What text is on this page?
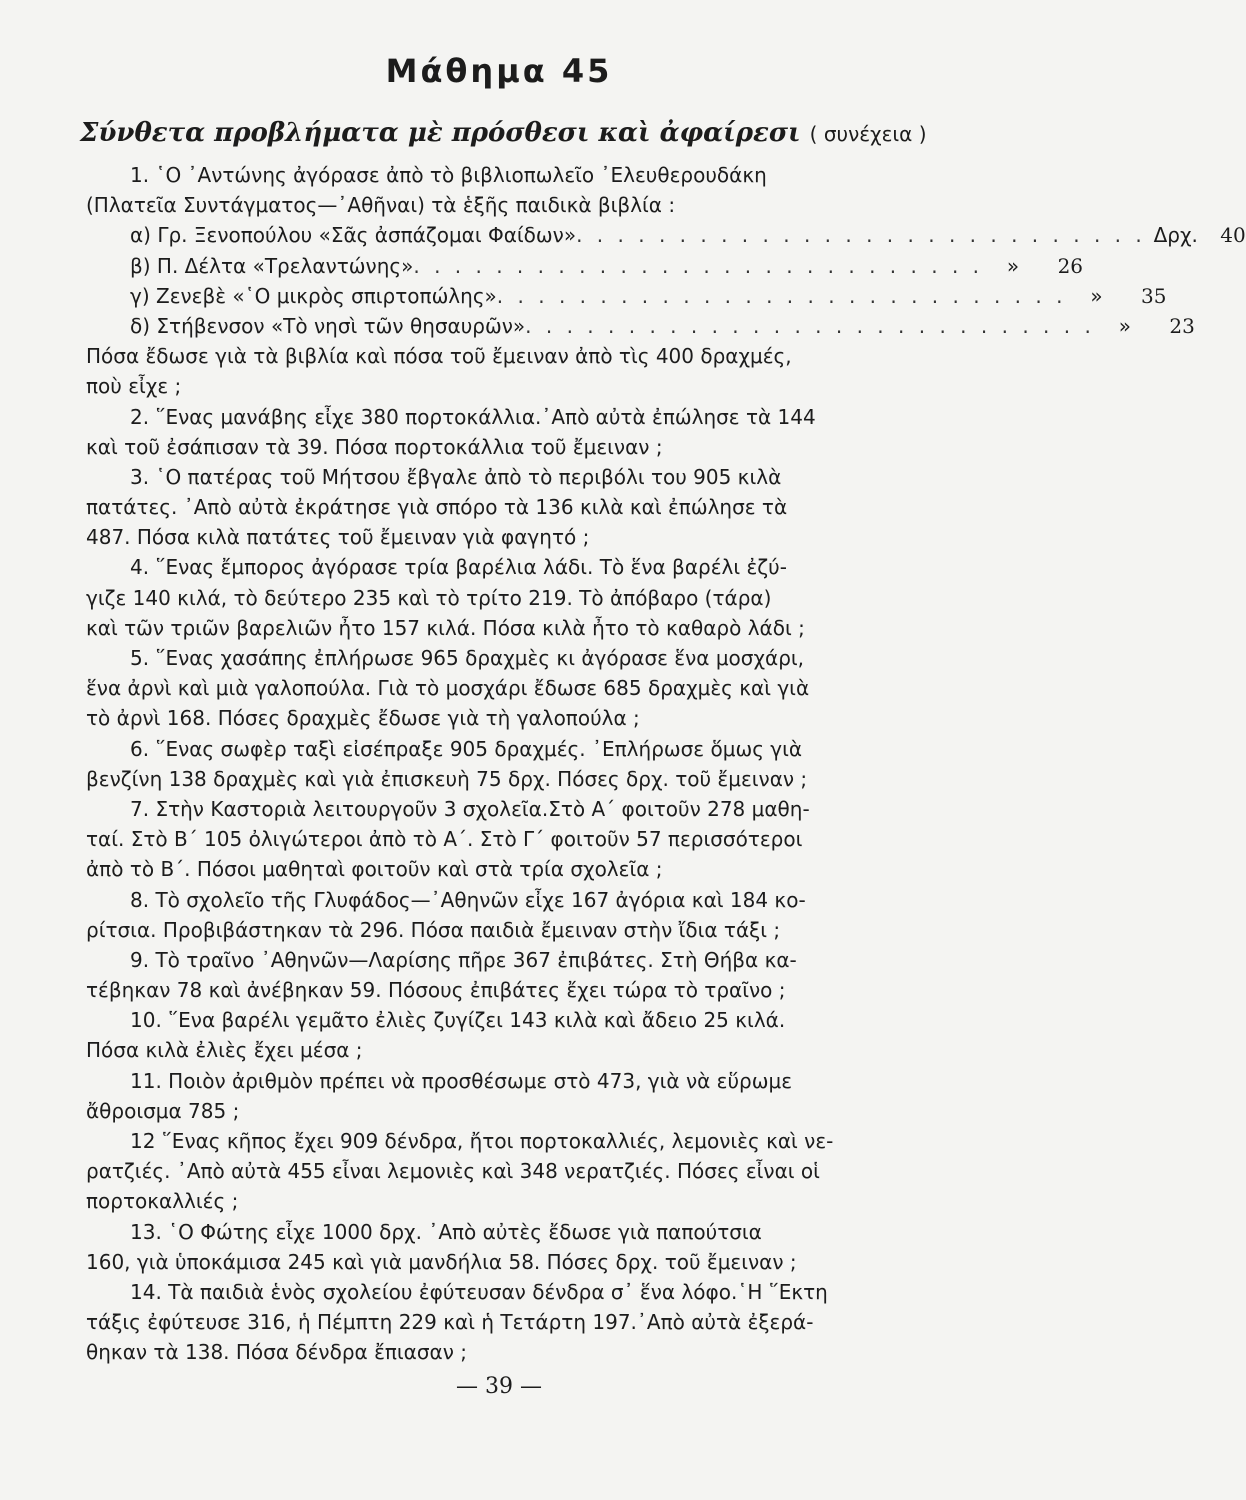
Μάθημα 45
Σύνθετα προβλήματα μὲ πρόσθεσι καὶ ἀφαίρεσι ( συνέχεια )
1. ῾Ο ᾿Αντώνης ἀγόρασε ἀπὸ τὸ βιβλιοπωλεῖο ᾿Ελευθερουδάκη
(Πλατεῖα Συντάγματος—᾿Αθῆναι) τὰ ἑξῆς παιδικὰ βιβλία :
α) Γρ. Ξενοπούλου «Σᾶς ἀσπάζομαι Φαίδων» . . . . . . . . . . . . . . . . . . . . . . . . . . . . Δρχ.	40
β) Π. Δέλτα «Τρελαντώνης» . . . . . . . . . . . . . . . . . . . . . . . . . . . .	»	26
γ) Ζενεβὲ «῾Ο μικρὸς σπιρτοπώλης» . . . . . . . . . . . . . . . . . . . . . . . . . . . .	»	35
δ) Στήβενσον «Τὸ νησὶ τῶν θησαυρῶν» . . . . . . . . . . . . . . . . . . . . . . . . . . . .	»	23
Πόσα ἔδωσε γιὰ τὰ βιβλία καὶ πόσα τοῦ ἔμειναν ἀπὸ τὶς 400 δραχμές,
ποὺ εἶχε ;
2. ῞Ενας μανάβης εἶχε 380 πορτοκάλλια.᾿Απὸ αὐτὰ ἐπώλησε τὰ 144
καὶ τοῦ ἐσάπισαν τὰ 39. Πόσα πορτοκάλλια τοῦ ἔμειναν ;
3. ῾Ο πατέρας τοῦ Μήτσου ἔβγαλε ἀπὸ τὸ περιβόλι του 905 κιλὰ
πατάτες. ᾿Απὸ αὐτὰ ἐκράτησε γιὰ σπόρο τὰ 136 κιλὰ καὶ ἐπώλησε τὰ
487. Πόσα κιλὰ πατάτες τοῦ ἔμειναν γιὰ φαγητό ;
4. ῞Ενας ἔμπορος ἀγόρασε τρία βαρέλια λάδι. Τὸ ἕνα βαρέλι ἐζύ-
γιζε 140 κιλά, τὸ δεύτερο 235 καὶ τὸ τρίτο 219. Τὸ ἀπόβαρο (τάρα)
καὶ τῶν τριῶν βαρελιῶν ἦτο 157 κιλά. Πόσα κιλὰ ἦτο τὸ καθαρὸ λάδι ;
5. ῞Ενας χασάπης ἐπλήρωσε 965 δραχμὲς κι ἀγόρασε ἕνα μοσχάρι,
ἕνα ἀρνὶ καὶ μιὰ γαλοπούλα. Γιὰ τὸ μοσχάρι ἔδωσε 685 δραχμὲς καὶ γιὰ
τὸ ἀρνὶ 168. Πόσες δραχμὲς ἔδωσε γιὰ τὴ γαλοπούλα ;
6. ῞Ενας σωφὲρ ταξὶ εἰσέπραξε 905 δραχμές. ᾿Επλήρωσε ὅμως γιὰ
βενζίνη 138 δραχμὲς καὶ γιὰ ἐπισκευὴ 75 δρχ. Πόσες δρχ. τοῦ ἔμειναν ;
7. Στὴν Καστοριὰ λειτουργοῦν 3 σχολεῖα.Στὸ Α΄ φοιτοῦν 278 μαθη-
ταί. Στὸ Β΄ 105 ὀλιγώτεροι ἀπὸ τὸ Α΄. Στὸ Γ΄ φοιτοῦν 57 περισσότεροι
ἀπὸ τὸ Β΄. Πόσοι μαθηταὶ φοιτοῦν καὶ στὰ τρία σχολεῖα ;
8. Τὸ σχολεῖο τῆς Γλυφάδος—᾿Αθηνῶν εἶχε 167 ἀγόρια καὶ 184 κο-
ρίτσια. Προβιβάστηκαν τὰ 296. Πόσα παιδιὰ ἔμειναν στὴν ἴδια τάξι ;
9. Τὸ τραῖνο ᾿Αθηνῶν—Λαρίσης πῆρε 367 ἐπιβάτες. Στὴ Θήβα κα-
τέβηκαν 78 καὶ ἀνέβηκαν 59. Πόσους ἐπιβάτες ἔχει τώρα τὸ τραῖνο ;
10. ῞Ενα βαρέλι γεμᾶτο ἐλιὲς ζυγίζει 143 κιλὰ καὶ ἄδειο 25 κιλά.
Πόσα κιλὰ ἐλιὲς ἔχει μέσα ;
11. Ποιὸν ἀριθμὸν πρέπει νὰ προσθέσωμε στὸ 473, γιὰ νὰ εὕρωμε
ἄθροισμα 785 ;
12 ῞Ενας κῆπος ἔχει 909 δένδρα, ἤτοι πορτοκαλλιές, λεμονιὲς καὶ νε-
ρατζιές. ᾿Απὸ αὐτὰ 455 εἶναι λεμονιὲς καὶ 348 νερατζιές. Πόσες εἶναι οἱ
πορτοκαλλιές ;
13. ῾Ο Φώτης εἶχε 1000 δρχ. ᾿Απὸ αὐτὲς ἔδωσε γιὰ παπούτσια
160, γιὰ ὑποκάμισα 245 καὶ γιὰ μανδήλια 58. Πόσες δρχ. τοῦ ἔμειναν ;
14. Τὰ παιδιὰ ἑνὸς σχολείου ἐφύτευσαν δένδρα σ᾿ ἕνα λόφο.῾Η ῞Εκτη
τάξις ἐφύτευσε 316, ἡ Πέμπτη 229 καὶ ἡ Τετάρτη 197.᾿Απὸ αὐτὰ ἐξερά-
θηκαν τὰ 138. Πόσα δένδρα ἔπιασαν ;
— 39 —
